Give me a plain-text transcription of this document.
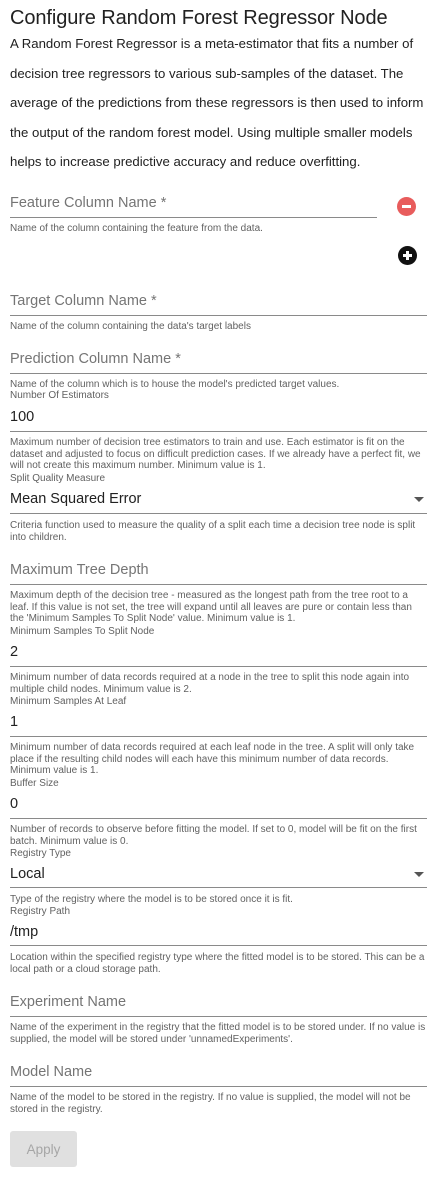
Configure Random Forest Regressor Node
A Random Forest Regressor is a meta-estimator that fits a number of decision tree regressors to various sub-samples of the dataset. The average of the predictions from these regressors is then used to inform the output of the random forest model. Using multiple smaller models helps to increase predictive accuracy and reduce overfitting.
Feature Column Name *
Name of the column containing the feature from the data.
Target Column Name *
Name of the column containing the data's target labels
Prediction Column Name *
Name of the column which is to house the model's predicted target values.
Number Of Estimators
100
Maximum number of decision tree estimators to train and use. Each estimator is fit on the dataset and adjusted to focus on difficult prediction cases. If we already have a perfect fit, we will not create this maximum number. Minimum value is 1.
Split Quality Measure
Mean Squared Error
Criteria function used to measure the quality of a split each time a decision tree node is split into children.
Maximum Tree Depth
Maximum depth of the decision tree - measured as the longest path from the tree root to a leaf. If this value is not set, the tree will expand until all leaves are pure or contain less than the 'Minimum Samples To Split Node' value. Minimum value is 1.
Minimum Samples To Split Node
2
Minimum number of data records required at a node in the tree to split this node again into multiple child nodes. Minimum value is 2.
Minimum Samples At Leaf
1
Minimum number of data records required at each leaf node in the tree. A split will only take place if the resulting child nodes will each have this minimum number of data records. Minimum value is 1.
Buffer Size
0
Number of records to observe before fitting the model. If set to 0, model will be fit on the first batch. Minimum value is 0.
Registry Type
Local
Type of the registry where the model is to be stored once it is fit.
Registry Path
/tmp
Location within the specified registry type where the fitted model is to be stored. This can be a local path or a cloud storage path.
Experiment Name
Name of the experiment in the registry that the fitted model is to be stored under. If no value is supplied, the model will be stored under 'unnamedExperiments'.
Model Name
Name of the model to be stored in the registry. If no value is supplied, the model will not be stored in the registry.
Apply
